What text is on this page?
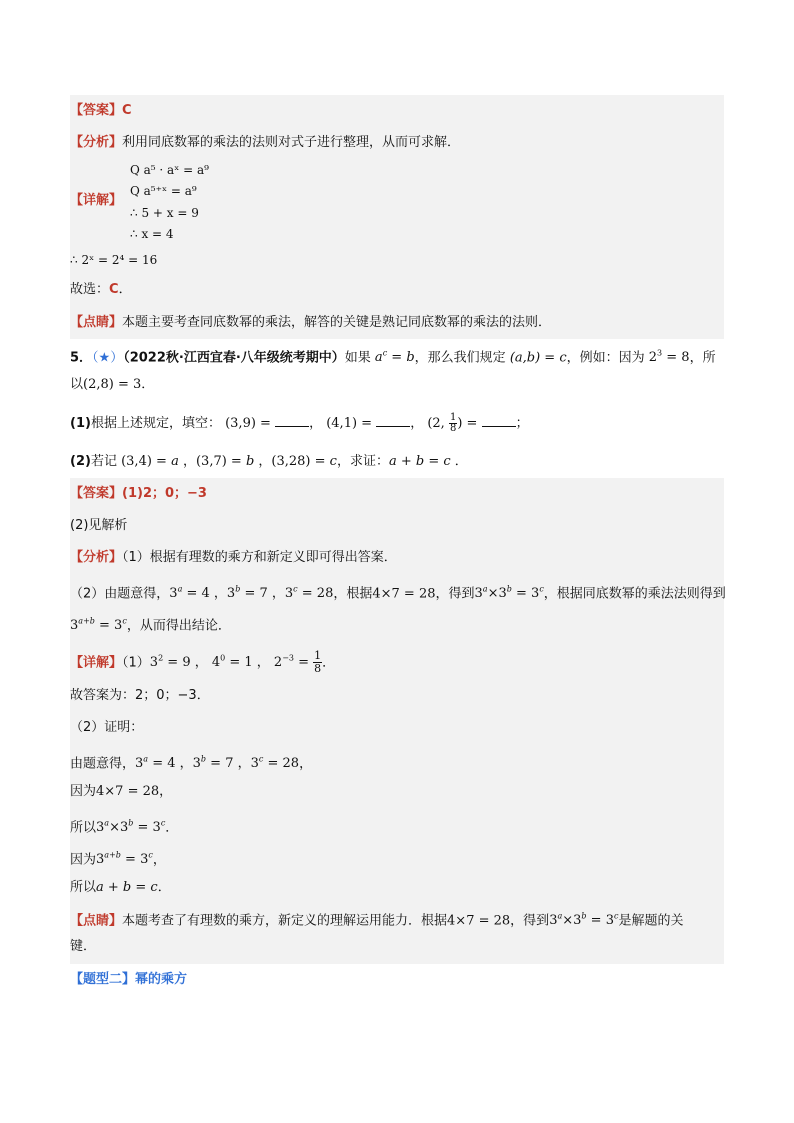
【答案】C
【分析】利用同底数幂的乘法的法则对式子进行整理，从而可求解．
【详解】
Q a⁵ · aˣ = a⁹
Q a⁵⁺ˣ = a⁹
∴ 5 + x = 9
∴ x = 4
∴ 2ˣ = 2⁴ = 16
故选：C．
【点睛】本题主要考查同底数幂的乘法，解答的关键是熟记同底数幂的乘法的法则．
5．（★）（2022秋·江西宜春·八年级统考期中）如果 $a^c = b$，那么我们规定 (a,b) = c，例如：因为 $2^3 = 8$，所
以(2,8) = 3．
(1)根据上述规定，填空： (3,9) =	， (4,1) =	， (2, $\frac{1}{8}$ ) =	；
(2)若记 (3,4) = a ，(3,7) = b ，(3,28) = c，求证：a + b = c ．
【答案】(1)2；0；−3
(2)见解析
【分析】（1）根据有理数的乘方和新定义即可得出答案．
（2）由题意得，$3^a = 4$ ，$3^b = 7$ ，$3^c = 28$，根据4×7 = 28，得到$3^a\times 3^b = 3^c$，根据同底数幂的乘法法则得到
$3^{a+b} = 3^c$，从而得出结论．
【详解】$(1)3^2 = 9$ ， $4^0 = 1$ ， $2^{-3} = \frac{1}{8}$ ．
故答案为：2；0；−3．
（2）证明：
由题意得，$3^a = 4$ ，$3^b = 7$ ，$3^c = 28$，
因为4×7 = 28，
所以$3^a\times 3^b = 3^c$．
因为$3^{a+b} = 3^c$，
所以a + b = c．
【点睛】本题考查了有理数的乘方，新定义的理解运用能力．根据4×7 = 28，得到$3^a\times 3^b = 3^c$是解题的关
键．
【题型二】幂的乘方
